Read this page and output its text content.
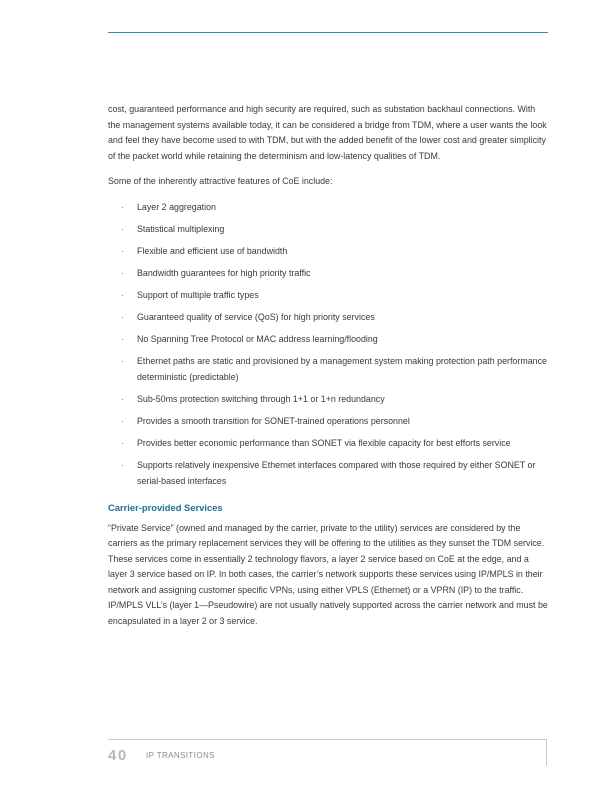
cost, guaranteed performance and high security are required, such as substation backhaul connections. With the management systems available today, it can be considered a bridge from TDM, where a user wants the look and feel they have become used to with TDM, but with the added benefit of the lower cost and greater simplicity of the packet world while retaining the determinism and low-latency qualities of TDM.

Some of the inherently attractive features of CoE include:

· Layer 2 aggregation
· Statistical multiplexing
· Flexible and efficient use of bandwidth
· Bandwidth guarantees for high priority traffic
· Support of multiple traffic types
· Guaranteed quality of service (QoS) for high priority services
· No Spanning Tree Protocol or MAC address learning/flooding
· Ethernet paths are static and provisioned by a management system making protection path performance deterministic (predictable)
· Sub-50ms protection switching through 1+1 or 1+n redundancy
· Provides a smooth transition for SONET-trained operations personnel
· Provides better economic performance than SONET via flexible capacity for best efforts service
· Supports relatively inexpensive Ethernet interfaces compared with those required by either SONET or serial-based interfaces
Carrier-provided Services

“Private Service” (owned and managed by the carrier, private to the utility) services are considered by the carriers as the primary replacement services they will be offering to the utilities as they sunset the TDM service. These services come in essentially 2 technology flavors, a layer 2 service based on CoE at the edge, and a layer 3 service based on IP. In both cases, the carrier’s network supports these services using IP/MPLS in their network and assigning customer specific VPNs, using either VPLS (Ethernet) or a VPRN (IP) to the traffic. IP/MPLS VLL’s (layer 1—Pseudowire) are not usually natively supported across the carrier network and must be encapsulated in a layer 2 or 3 service.

40 IP TRANSITIONS
